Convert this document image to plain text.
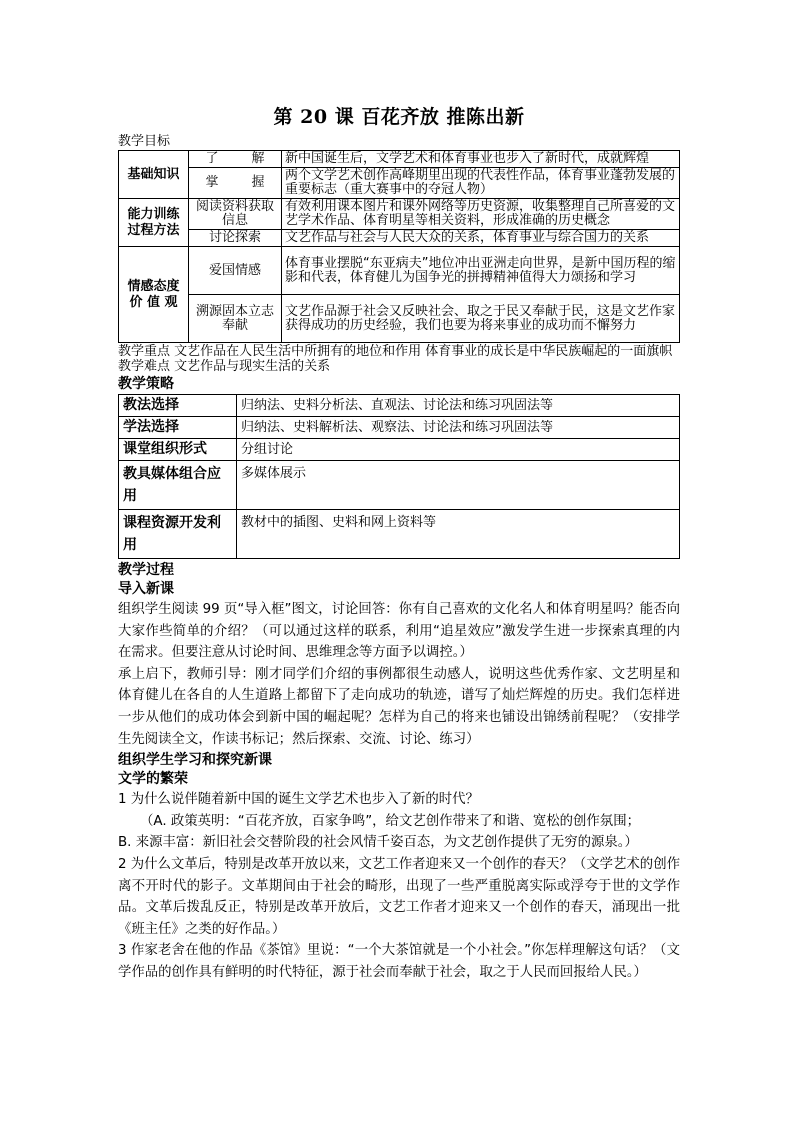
第 20 课 百花齐放 推陈出新
教学目标
基础知识	了        解	新中国诞生后，文学艺术和体育事业也步入了新时代，成就辉煌
	掌        握	两个文学艺术创作高峰期里出现的代表性作品，体育事业蓬勃发展的重要标志（重大赛事中的夺冠人物）
能力训练过程方法	阅读资料获取信息	有效利用课本图片和课外网络等历史资源，收集整理自己所喜爱的文艺学术作品、体育明星等相关资料，形成准确的历史概念
	讨论探索	文艺作品与社会与人民大众的关系，体育事业与综合国力的关系
情感态度价 值 观	爱国情感	体育事业摆脱“东亚病夫”地位冲出亚洲走向世界，是新中国历程的缩影和代表，体育健儿为国争光的拼搏精神值得大力颂扬和学习
	溯源固本立志奉献	文艺作品源于社会又反映社会、取之于民又奉献于民，这是文艺作家获得成功的历史经验，我们也要为将来事业的成功而不懈努力
教学重点 文艺作品在人民生活中所拥有的地位和作用 体育事业的成长是中华民族崛起的一面旗帜
教学难点 文艺作品与现实生活的关系
教学策略
教法选择	归纳法、史料分析法、直观法、讨论法和练习巩固法等
学法选择	归纳法、史料解析法、观察法、讨论法和练习巩固法等
课堂组织形式	分组讨论
教具媒体组合应用	多媒体展示
课程资源开发利用	教材中的插图、史料和网上资料等
教学过程
导入新课

组织学生阅读 99 页“导入框”图文，讨论回答：你有自己喜欢的文化名人和体育明星吗？能否向大家作些简单的介绍？（可以通过这样的联系，利用“追星效应”激发学生进一步探索真理的内在需求。但要注意从讨论时间、思维理念等方面予以调控。）

承上启下，教师引导：刚才同学们介绍的事例都很生动感人，说明这些优秀作家、文艺明星和体育健儿在各自的人生道路上都留下了走向成功的轨迹，谱写了灿烂辉煌的历史。我们怎样进一步从他们的成功体会到新中国的崛起呢？怎样为自己的将来也铺设出锦绣前程呢？（安排学生先阅读全文，作读书标记；然后探索、交流、讨论、练习）

组织学生学习和探究新课
文学的繁荣

1 为什么说伴随着新中国的诞生文学艺术也步入了新的时代？

（A. 政策英明：“百花齐放，百家争鸣”，给文艺创作带来了和谐、宽松的创作氛围；

B. 来源丰富：新旧社会交替阶段的社会风情千姿百态，为文艺创作提供了无穷的源泉。）

2 为什么文革后，特别是改革开放以来，文艺工作者迎来又一个创作的春天？（文学艺术的创作离不开时代的影子。文革期间由于社会的畸形，出现了一些严重脱离实际或浮夸于世的文学作品。文革后拨乱反正，特别是改革开放后，文艺工作者才迎来又一个创作的春天，涌现出一批《班主任》之类的好作品。）

3 作家老舍在他的作品《茶馆》里说：“一个大茶馆就是一个小社会。”你怎样理解这句话？（文学作品的创作具有鲜明的时代特征，源于社会而奉献于社会，取之于人民而回报给人民。）
